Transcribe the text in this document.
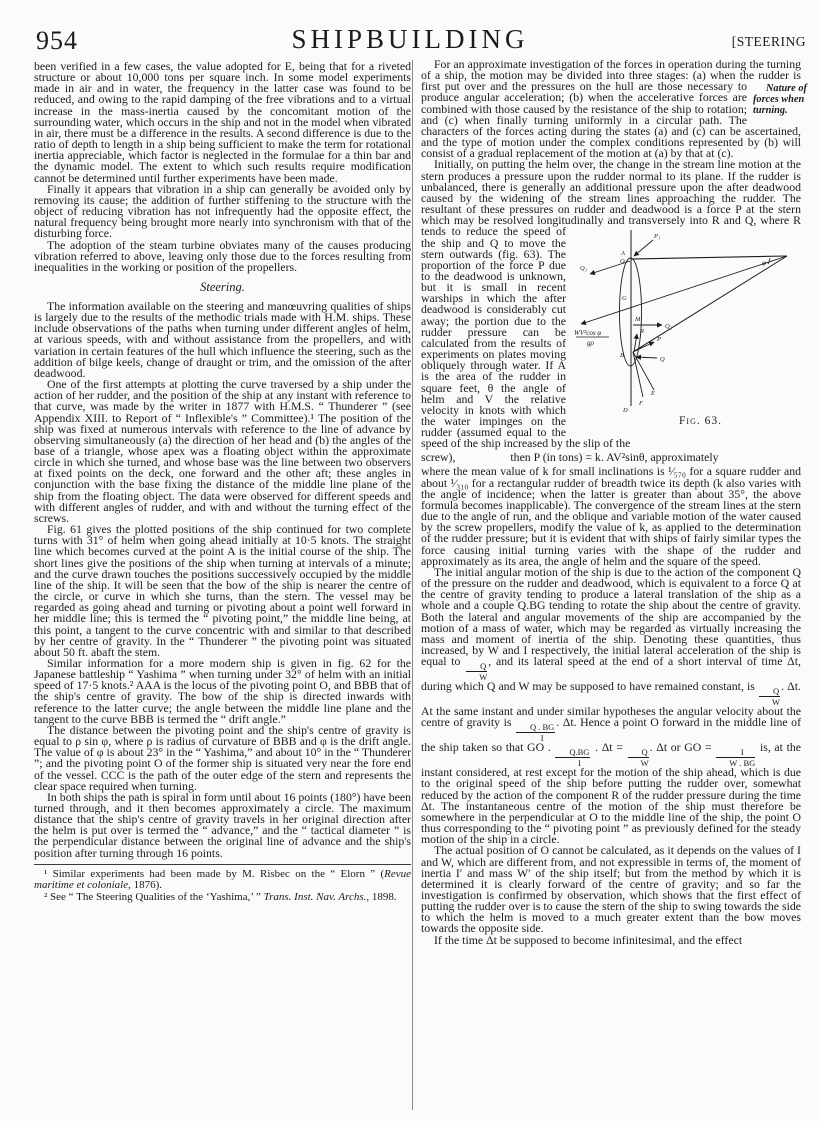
954	SHIPBUILDING	[STEERING

been verified in a few cases, the value adopted for E, being that for a riveted structure or about 10,000 tons per square inch. In some model experiments made in air and in water, the frequency in the latter case was found to be reduced, and owing to the rapid damping of the free vibrations and to a virtual increase in the mass-inertia caused by the concomitant motion of the surrounding water, which occurs in the ship and not in the model when vibrated in air, there must be a difference in the results. A second difference is due to the ratio of depth to length in a ship being sufficient to make the term for rotational inertia appreciable, which factor is neglected in the formulae for a thin bar and the dynamic model. The extent to which such results require modification cannot be determined until further experiments have been made.

Finally it appears that vibration in a ship can generally be avoided only by removing its cause; the addition of further stiffening to the structure with the object of reducing vibration has not infrequently had the opposite effect, the natural frequency being brought more nearly into synchronism with that of the disturbing force.

The adoption of the steam turbine obviates many of the causes producing vibration referred to above, leaving only those due to the forces resulting from inequalities in the working or position of the propellers.

Steering.

The information available on the steering and manœuvring qualities of ships is largely due to the results of the methodic trials made with H.M. ships. These include observations of the paths when turning under different angles of helm, at various speeds, with and without assistance from the propellers, and with variation in certain features of the hull which influence the steering, such as the addition of bilge keels, change of draught or trim, and the omission of the after deadwood.

One of the first attempts at plotting the curve traversed by a ship under the action of her rudder, and the position of the ship at any instant with reference to that curve, was made by the writer in 1877 with H.M.S. “ Thunderer ” (see Appendix XIII. to Report of “ Inflexible's ” Committee).¹ The position of the ship was fixed at numerous intervals with reference to the line of advance by observing simultaneously (a) the direction of her head and (b) the angles of the base of a triangle, whose apex was a floating object within the approximate circle in which she turned, and whose base was the line between two observers at fixed points on the deck, one forward and the other aft; these angles in conjunction with the base fixing the distance of the middle line plane of the ship from the floating object. The data were observed for different speeds and with different angles of rudder, and with and without the turning effect of the screws.

Fig. 61 gives the plotted positions of the ship continued for two complete turns with 31° of helm when going ahead initially at 10·5 knots. The straight line which becomes curved at the point A is the initial course of the ship. The short lines give the positions of the ship when turning at intervals of a minute; and the curve drawn touches the positions successively occupied by the middle line of the ship. It will be seen that the bow of the ship is nearer the centre of the circle, or curve in which she turns, than the stern. The vessel may be regarded as going ahead and turning or pivoting about a point well forward in her middle line; this is termed the “ pivoting point,” the middle line being, at this point, a tangent to the curve concentric with and similar to that described by her centre of gravity. In the “ Thunderer ” the pivoting point was situated about 50 ft. abaft the stem.

Similar information for a more modern ship is given in fig. 62 for the Japanese battleship “ Yashima ” when turning under 32° of helm with an initial speed of 17·5 knots.² AAA is the locus of the pivoting point O, and BBB that of the ship's centre of gravity. The bow of the ship is directed inwards with reference to the latter curve; the angle between the middle line plane and the tangent to the curve BBB is termed the “ drift angle.”

The distance between the pivoting point and the ship's centre of gravity is equal to ρ sin φ, where ρ is radius of curvature of BBB and φ is the drift angle. The value of φ is about 23° in the “ Yashima,” and about 10° in the “ Thunderer ”; and the pivoting point O of the former ship is situated very near the fore end of the vessel. CCC is the path of the outer edge of the stern and represents the clear space required when turning.

In both ships the path is spiral in form until about 16 points (180°) have been turned through, and it then becomes approximately a circle. The maximum distance that the ship's centre of gravity travels in her original direction after the helm is put over is termed the “ advance,” and the “ tactical diameter ” is the perpendicular distance between the original line of advance and the ship's position after turning through 16 points.

¹ Similar experiments had been made by M. Risbec on the “ Elorn ” (Revue maritime et coloniale, 1876).

² See “ The Steering Qualities of the ‘Yashima,’ ” Trans. Inst. Nav. Archs., 1898.

For an approximate investigation of the forces in operation during the turning of a ship, the motion may be divided into three stages: (a) when the rudder is first put over and the pressures	Nature of forces when turning.
on the hull are those necessary to produce angular acceleration; (b) when the accelerative forces are combined with those caused by the resistance of the ship to rotation; and (c) when finally turning uniformly in a circular path. The characters of the forces acting during the states (a) and (c) can be ascertained, and the type of motion under the complex conditions represented by (b) will consist of a gradual replacement of the motion at (a) by that at (c).

Initially, on putting the helm over, the change in the stream line motion at the stern produces a pressure upon the rudder normal to its plane. If the rudder is unbalanced, there is generally an additional pressure upon the after deadwood caused by the widening of the stream lines approaching the rudder. The resultant of these pressures on rudder and deadwood is a force P at the stern which may be resolved longitudinally and transversely into R and Q, where R
WV²cos φ
gρ
A
O
P₁
Q₁
G
M
Q₂
R
P
Q
B
E
F
D
φ
Fig. 63.
tends to reduce the speed of the ship and Q to move the stern outwards (fig. 63). The proportion of the force P due to the deadwood is unknown, but it is small in recent warships in which the after deadwood is considerably cut away; the portion due to the rudder pressure can be calculated from the results of experiments on plates moving obliquely through water. If A is the area of the rudder in square feet, θ the angle of helm and V the relative velocity in knots with which the water impinges on the rudder (assumed equal to the speed of the ship increased by the slip of the

screw),	then P (in tons) = k. AV²sinθ, approximately

where the mean value of k for small inclinations is ¹⁄₅₇₀ for a square rudder and about ¹⁄₃₁₀ for a rectangular rudder of breadth twice its depth (k also varies with the angle of incidence; when the latter is greater than about 35°, the above formula becomes inapplicable). The convergence of the stream lines at the stern due to the angle of run, and the oblique and variable motion of the water caused by the screw propellers, modify the value of k, as applied to the determination of the rudder pressure; but it is evident that with ships of fairly similar types the force causing initial turning varies with the shape of the rudder and approximately as its area, the angle of helm and the square of the speed.

The initial angular motion of the ship is due to the action of the component Q of the pressure on the rudder and deadwood, which is equivalent to a force Q at the centre of gravity tending to produce a lateral translation of the ship as a whole and a couple Q.BG tending to rotate the ship about the centre of gravity. Both the lateral and angular movements of the ship are accompanied by the motion of a mass of water, which may be regarded as virtually increasing the mass and moment of inertia of the ship. Denoting these quantities, thus increased, by W and I respectively, the initial lateral acceleration of the ship is equal to
$\frac{Q}{W}$
, and its lateral speed at the end of a short interval of time Δt, during which Q and W may be supposed to have remained constant, is
$\frac{Q}{W}$
. Δt. At the same instant and under similar hypotheses the angular velocity about the centre of gravity is
$\frac{Q . BG}{I}$
. Δt. Hence a point O forward in the middle line of the ship taken so that GO .
$\frac{Q.BG}{I}$
. Δt =
$\frac{Q}{W}$
. Δt or GO =
$\frac{I}{W . BG}$
is, at the instant considered, at rest except for the motion of the ship ahead, which is due to the original speed of the ship before putting the rudder over, somewhat reduced by the action of the component R of the rudder pressure during the time Δt. The instantaneous centre of the motion of the ship must therefore be somewhere in the perpendicular at O to the middle line of the ship, the point O thus corresponding to the “ pivoting point ” as previously defined for the steady motion of the ship in a circle.

The actual position of O cannot be calculated, as it depends on the values of I and W, which are different from, and not expressible in terms of, the moment of inertia I′ and mass W′ of the ship itself; but from the method by which it is determined it is clearly forward of the centre of gravity; and so far the investigation is confirmed by observation, which shows that the first effect of putting the rudder over is to cause the stern of the ship to swing towards the side to which the helm is moved to a much greater extent than the bow moves towards the opposite side.

If the time Δt be supposed to become infinitesimal, and the effect
